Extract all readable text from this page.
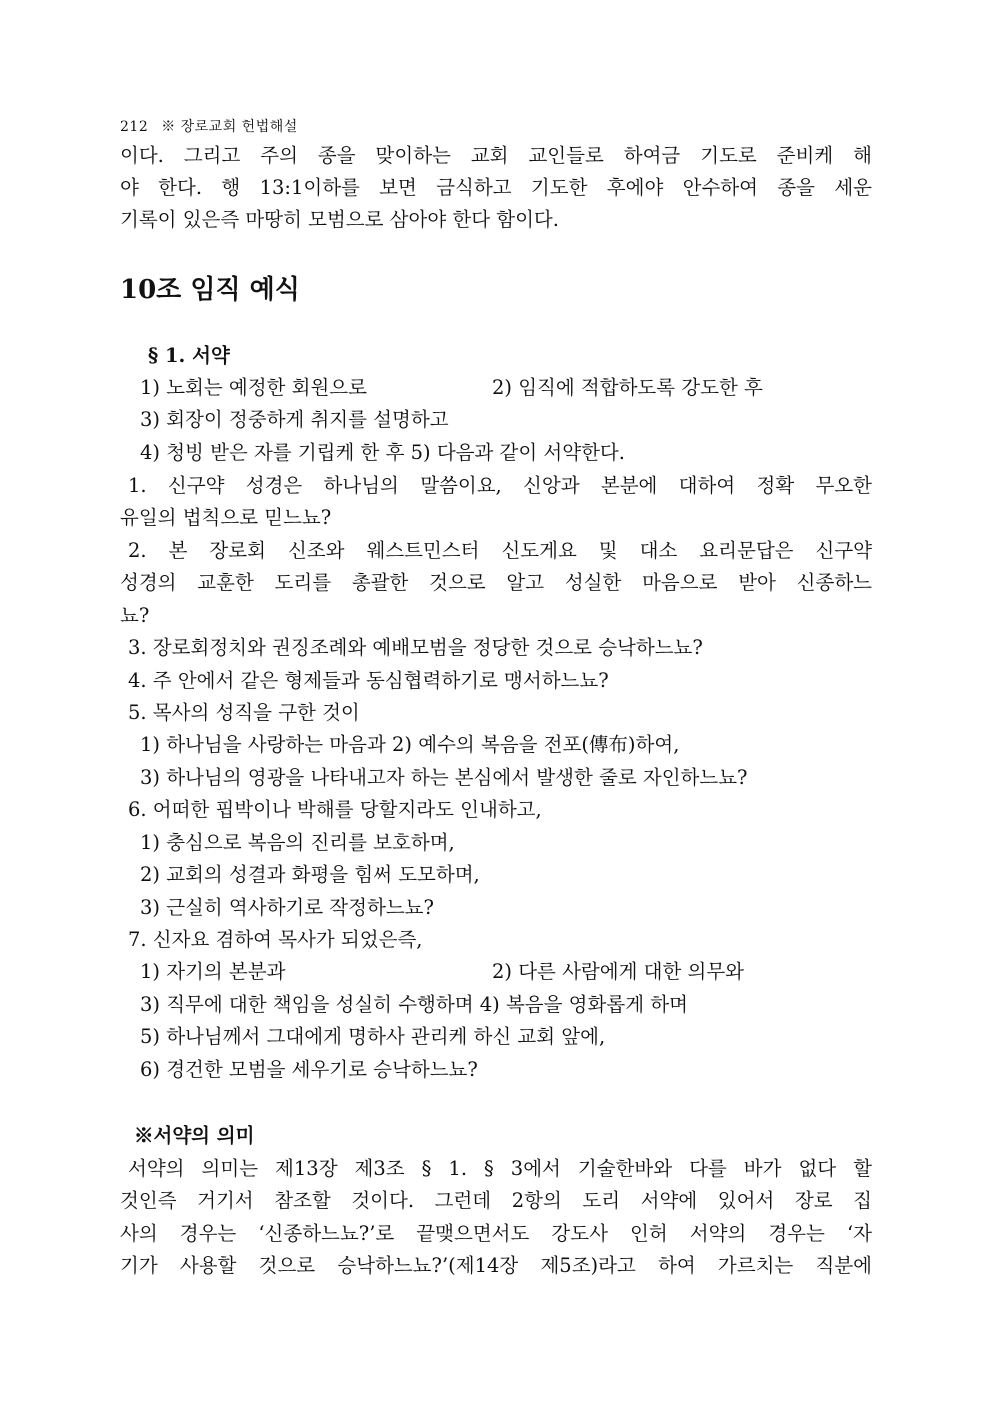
212 ※ 장로교회 헌법해설
이다. 그리고 주의 종을 맞이하는 교회 교인들로 하여금 기도로 준비케 해
야 한다. 행 13:1이하를 보면 금식하고 기도한 후에야 안수하여 종을 세운
기록이 있은즉 마땅히 모범으로 삼아야 한다 함이다.
10조 임직 예식
§ 1. 서약
1) 노회는 예정한 회원으로	2) 임직에 적합하도록 강도한 후
3) 회장이 정중하게 취지를 설명하고
4) 청빙 받은 자를 기립케 한 후 5) 다음과 같이 서약한다.
1. 신구약 성경은 하나님의 말씀이요, 신앙과 본분에 대하여 정확 무오한
유일의 법칙으로 믿느뇨?
2. 본 장로회 신조와 웨스트민스터 신도게요 및 대소 요리문답은 신구약
성경의 교훈한 도리를 총괄한 것으로 알고 성실한 마음으로 받아 신종하느
뇨?
3. 장로회정치와 권징조례와 예배모범을 정당한 것으로 승낙하느뇨?
4. 주 안에서 같은 형제들과 동심협력하기로 맹서하느뇨?
5. 목사의 성직을 구한 것이
1) 하나님을 사랑하는 마음과 2) 예수의 복음을 전포(傳布)하여,
3) 하나님의 영광을 나타내고자 하는 본심에서 발생한 줄로 자인하느뇨?
6. 어떠한 핍박이나 박해를 당할지라도 인내하고,
1) 충심으로 복음의 진리를 보호하며,
2) 교회의 성결과 화평을 힘써 도모하며,
3) 근실히 역사하기로 작정하느뇨?
7. 신자요 겸하여 목사가 되었은즉,
1) 자기의 본분과	2) 다른 사람에게 대한 의무와
3) 직무에 대한 책임을 성실히 수행하며 4) 복음을 영화롭게 하며
5) 하나님께서 그대에게 명하사 관리케 하신 교회 앞에,
6) 경건한 모범을 세우기로 승낙하느뇨?
※서약의 의미
서약의 의미는 제13장 제3조 § 1. § 3에서 기술한바와 다를 바가 없다 할
것인즉 거기서 참조할 것이다. 그런데 2항의 도리 서약에 있어서 장로 집
사의 경우는 ‘신종하느뇨?’로 끝맺으면서도 강도사 인허 서약의 경우는 ‘자
기가 사용할 것으로 승낙하느뇨?’(제14장 제5조)라고 하여 가르치는 직분에
